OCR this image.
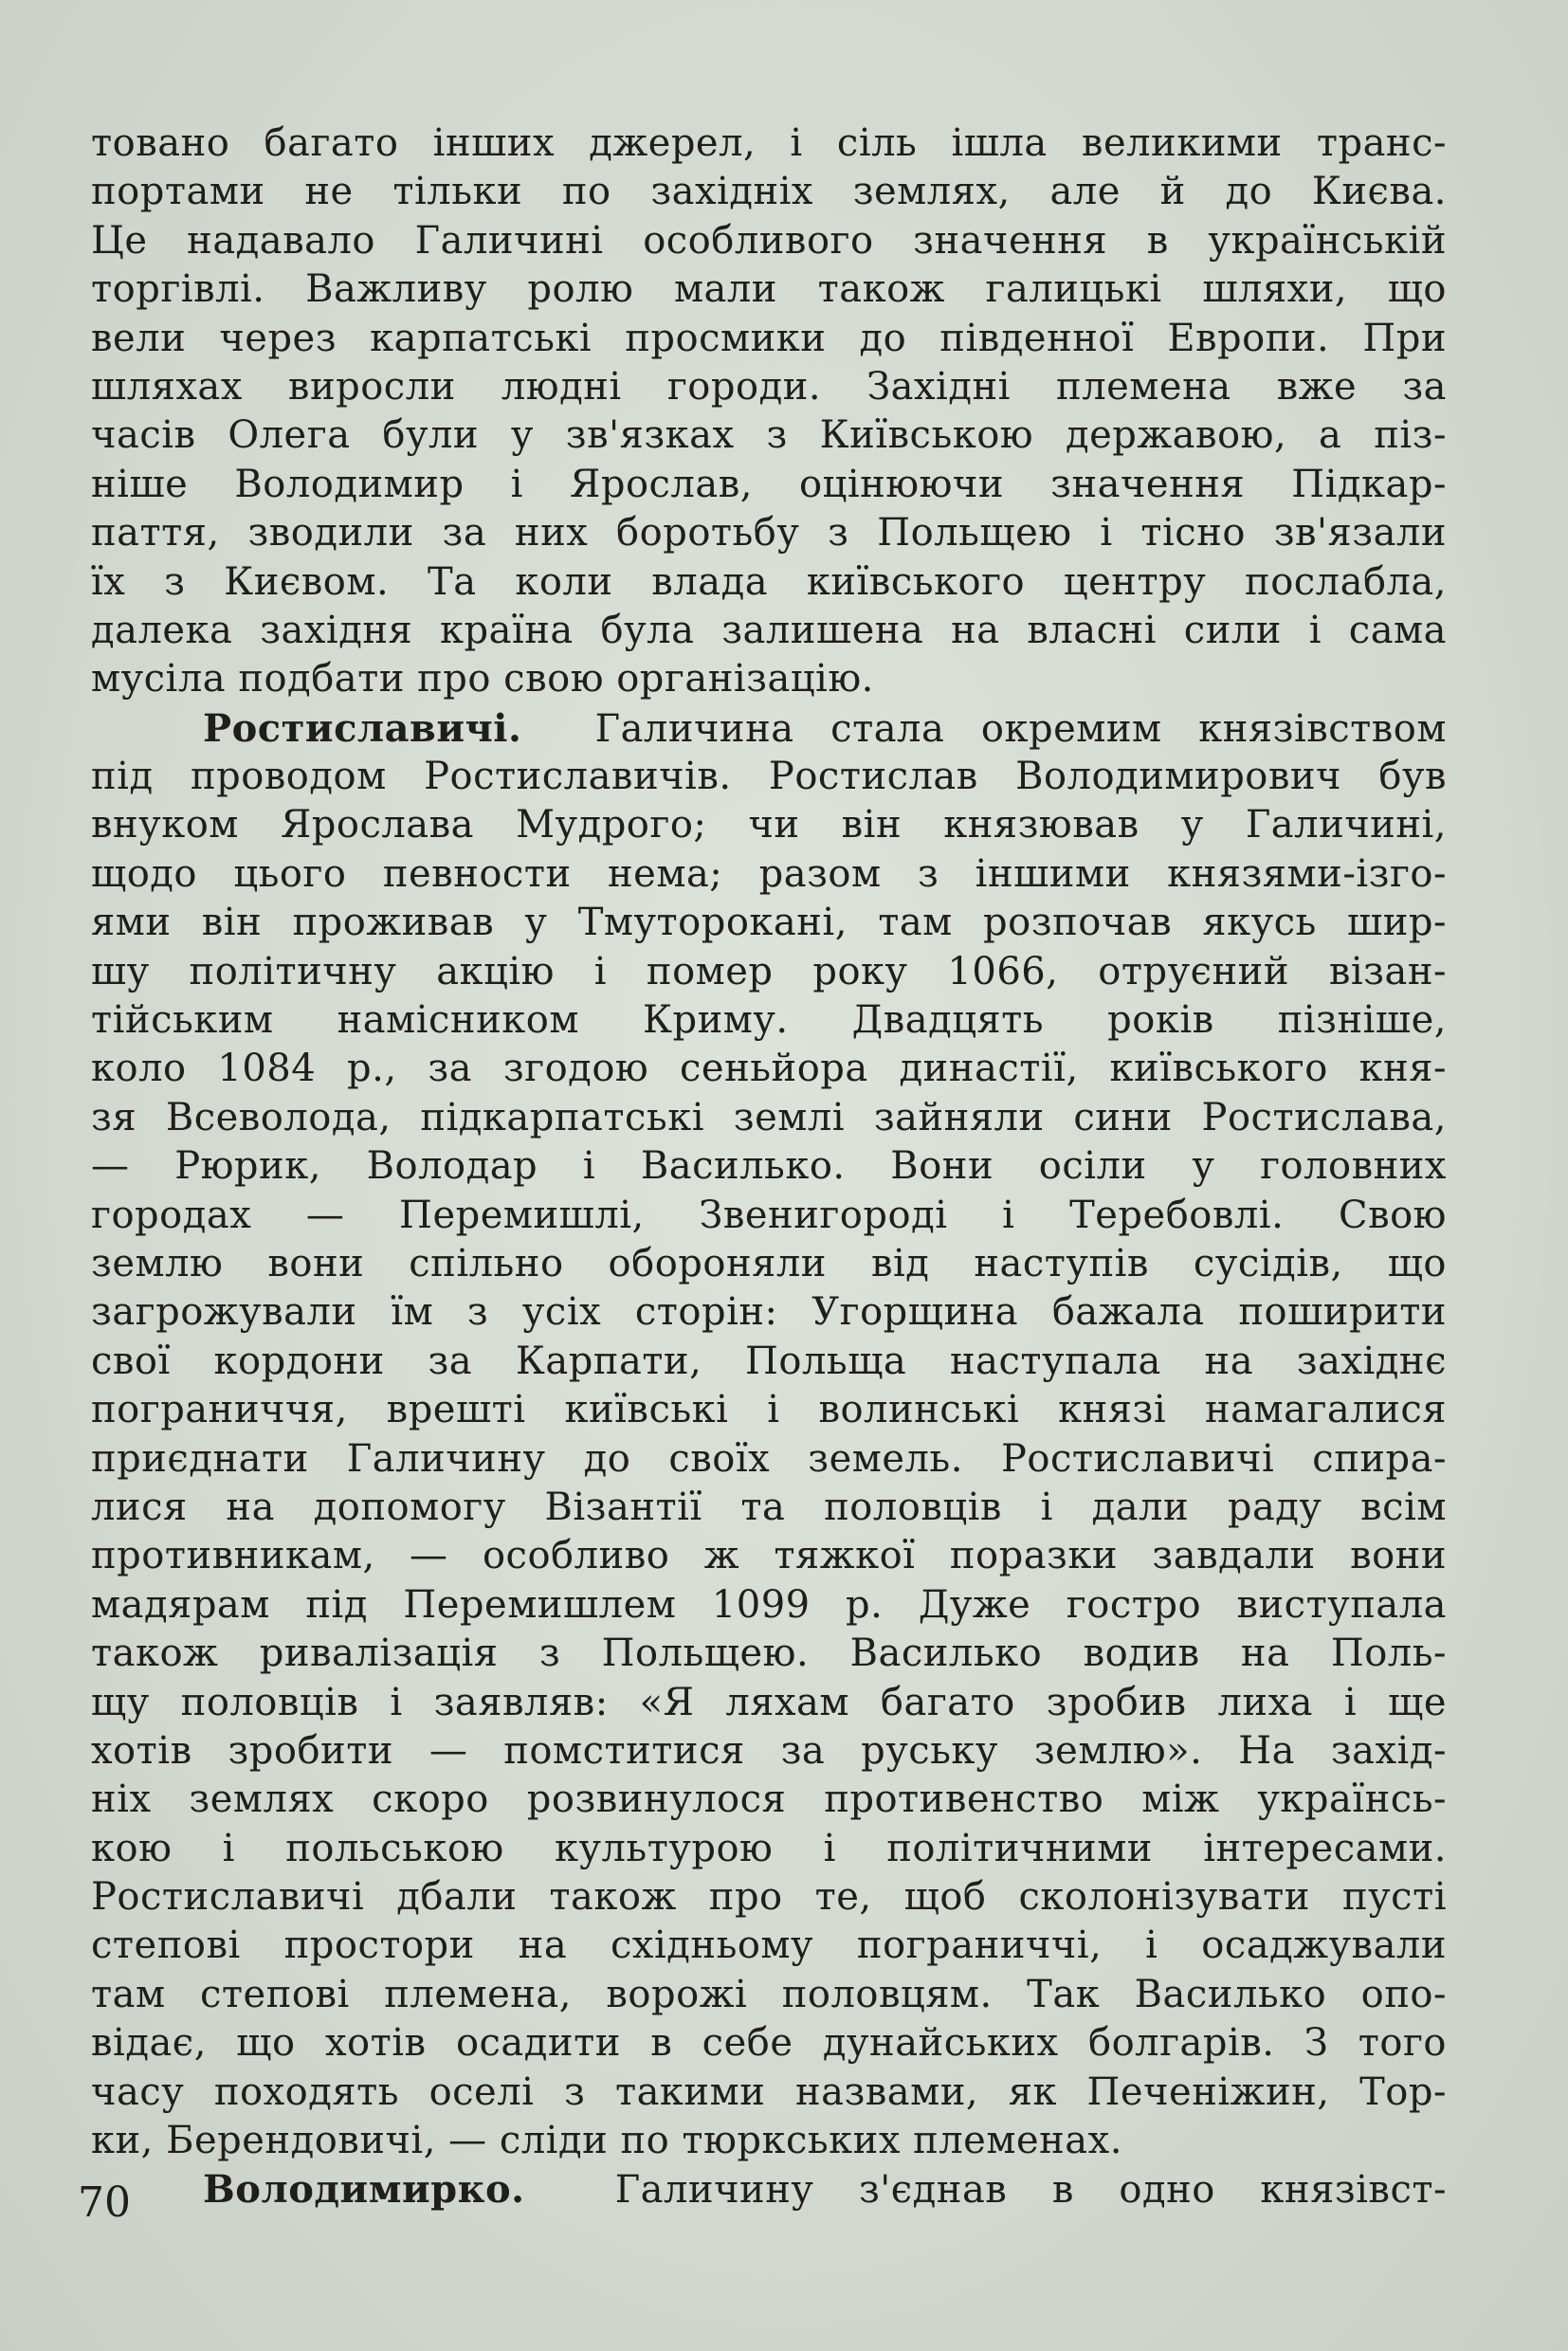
товано багато інших джерел, і сіль ішла великими транс-
портами не тільки по західніх землях, але й до Києва.
Це надавало Галичині особливого значення в українській
торгівлі. Важливу ролю мали також галицькі шляхи, що
вели через карпатські просмики до південної Европи. При
шляхах виросли людні городи. Західні племена вже за
часів Олега були у зв'язках з Київською державою, а піз-
ніше Володимир і Ярослав, оцінюючи значення Підкар-
паття, зводили за них боротьбу з Польщею і тісно зв'язали
їх з Києвом. Та коли влада київського центру послабла,
далека західня країна була залишена на власні сили і сама
мусіла подбати про свою організацію.
Ростиславичі. Галичина стала окремим князівством
під проводом Ростиславичів. Ростислав Володимирович був
внуком Ярослава Мудрого; чи він князював у Галичині,
щодо цього певности нема; разом з іншими князями-ізго-
ями він проживав у Тмуторокані, там розпочав якусь шир-
шу політичну акцію і помер року 1066, отруєний візан-
тійським намісником Криму. Двадцять років пізніше,
коло 1084 р., за згодою сеньйора династії, київського кня-
зя Всеволода, підкарпатські землі зайняли сини Ростислава,
— Рюрик, Володар і Василько. Вони осіли у головних
городах — Перемишлі, Звенигороді і Теребовлі. Свою
землю вони спільно обороняли від наступів сусідів, що
загрожували їм з усіх сторін: Угорщина бажала поширити
свої кордони за Карпати, Польща наступала на західнє
пограниччя, врешті київські і волинські князі намагалися
приєднати Галичину до своїх земель. Ростиславичі спира-
лися на допомогу Візантії та половців і дали раду всім
противникам, — особливо ж тяжкої поразки завдали вони
мадярам під Перемишлем 1099 р. Дуже гостро виступала
також ривалізація з Польщею. Василько водив на Поль-
щу половців і заявляв: «Я ляхам багато зробив лиха і ще
хотів зробити — помститися за руську землю». На захід-
ніх землях скоро розвинулося противенство між українсь-
кою і польською культурою і політичними інтересами.
Ростиславичі дбали також про те, щоб сколонізувати пусті
степові простори на східньому пограниччі, і осаджували
там степові племена, ворожі половцям. Так Василько опо-
відає, що хотів осадити в себе дунайських болгарів. З того
часу походять оселі з такими назвами, як Печеніжин, Тор-
ки, Берендовичі, — сліди по тюркських племенах.
Володимирко. Галичину з'єднав в одно князівст-
70
